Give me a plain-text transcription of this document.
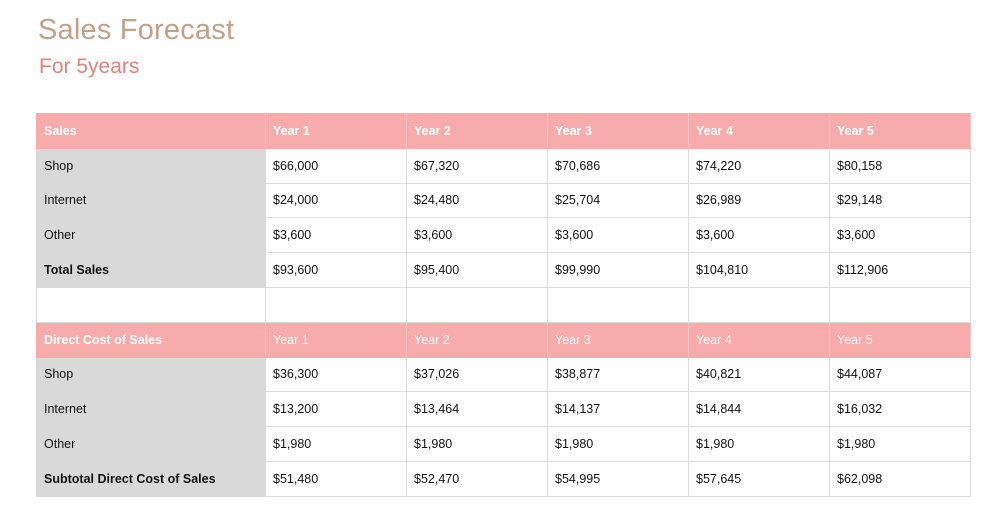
Sales Forecast
For 5years
Sales	Year 1	Year 2	Year 3	Year 4	Year 5
Shop	$66,000	$67,320	$70,686	$74,220	$80,158
Internet	$24,000	$24,480	$25,704	$26,989	$29,148
Other	$3,600	$3,600	$3,600	$3,600	$3,600
Total Sales	$93,600	$95,400	$99,990	$104,810	$112,906

Direct Cost of Sales	Year 1	Year 2	Year 3	Year 4	Year 5
Shop	$36,300	$37,026	$38,877	$40,821	$44,087
Internet	$13,200	$13,464	$14,137	$14,844	$16,032
Other	$1,980	$1,980	$1,980	$1,980	$1,980
Subtotal Direct Cost of Sales	$51,480	$52,470	$54,995	$57,645	$62,098
